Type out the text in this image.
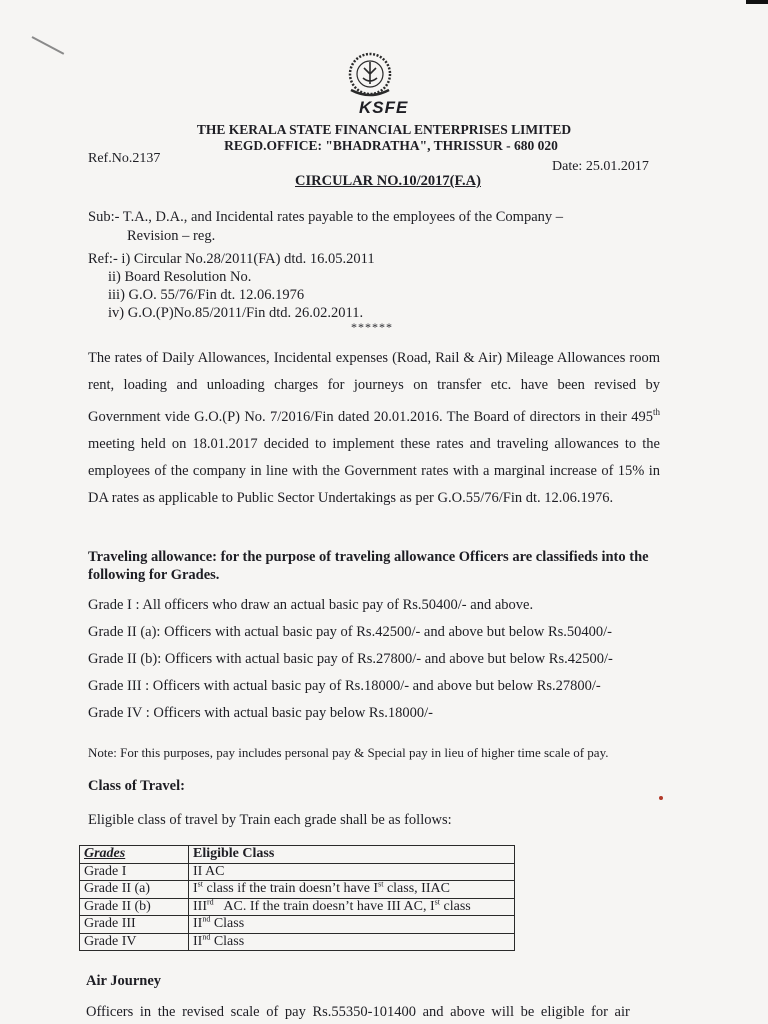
KSFE
THE KERALA STATE FINANCIAL ENTERPRISES LIMITED
REGD.OFFICE: "BHADRATHA", THRISSUR - 680 020
Ref.No.2137
Date: 25.01.2017
CIRCULAR NO.10/2017(F.A)
Sub:- T.A., D.A., and Incidental rates payable to the employees of the Company –
Revision – reg.
Ref:- i) Circular No.28/2011(FA) dtd. 16.05.2011
ii) Board Resolution No.
iii) G.O. 55/76/Fin dt. 12.06.1976
iv) G.O.(P)No.85/2011/Fin dtd. 26.02.2011.
******

The rates of Daily Allowances, Incidental expenses (Road, Rail & Air) Mileage Allowances room rent, loading and unloading charges for journeys on transfer etc. have been revised by Government vide G.O.(P) No. 7/2016/Fin dated 20.01.2016. The Board of directors in their 495th meeting held on 18.01.2017 decided to implement these rates and traveling allowances to the employees of the company in line with the Government rates with a marginal increase of 15% in DA rates as applicable to Public Sector Undertakings as per G.O.55/76/Fin dt. 12.06.1976.

Traveling allowance: for the purpose of traveling allowance Officers are classifieds into the following for Grades.
Grade I : All officers who draw an actual basic pay of Rs.50400/- and above.
Grade II (a): Officers with actual basic pay of Rs.42500/- and above but below Rs.50400/-
Grade II (b): Officers with actual basic pay of Rs.27800/- and above but below Rs.42500/-
Grade III : Officers with actual basic pay of Rs.18000/- and above but below Rs.27800/-
Grade IV : Officers with actual basic pay below Rs.18000/-
Note: For this purposes, pay includes personal pay & Special pay in lieu of higher time scale of pay.
Class of Travel:
Eligible class of travel by Train each grade shall be as follows:
Grades	Eligible Class
Grade I	II AC
Grade II (a)	Ist class if the train doesn’t have Ist class, IIAC
Grade II (b)	IIIrd   AC. If the train doesn’t have III AC, Ist class
Grade III	IInd Class
Grade IV	IInd Class
Air Journey
Officers in the revised scale of pay Rs.55350-101400 and above will be eligible for air
